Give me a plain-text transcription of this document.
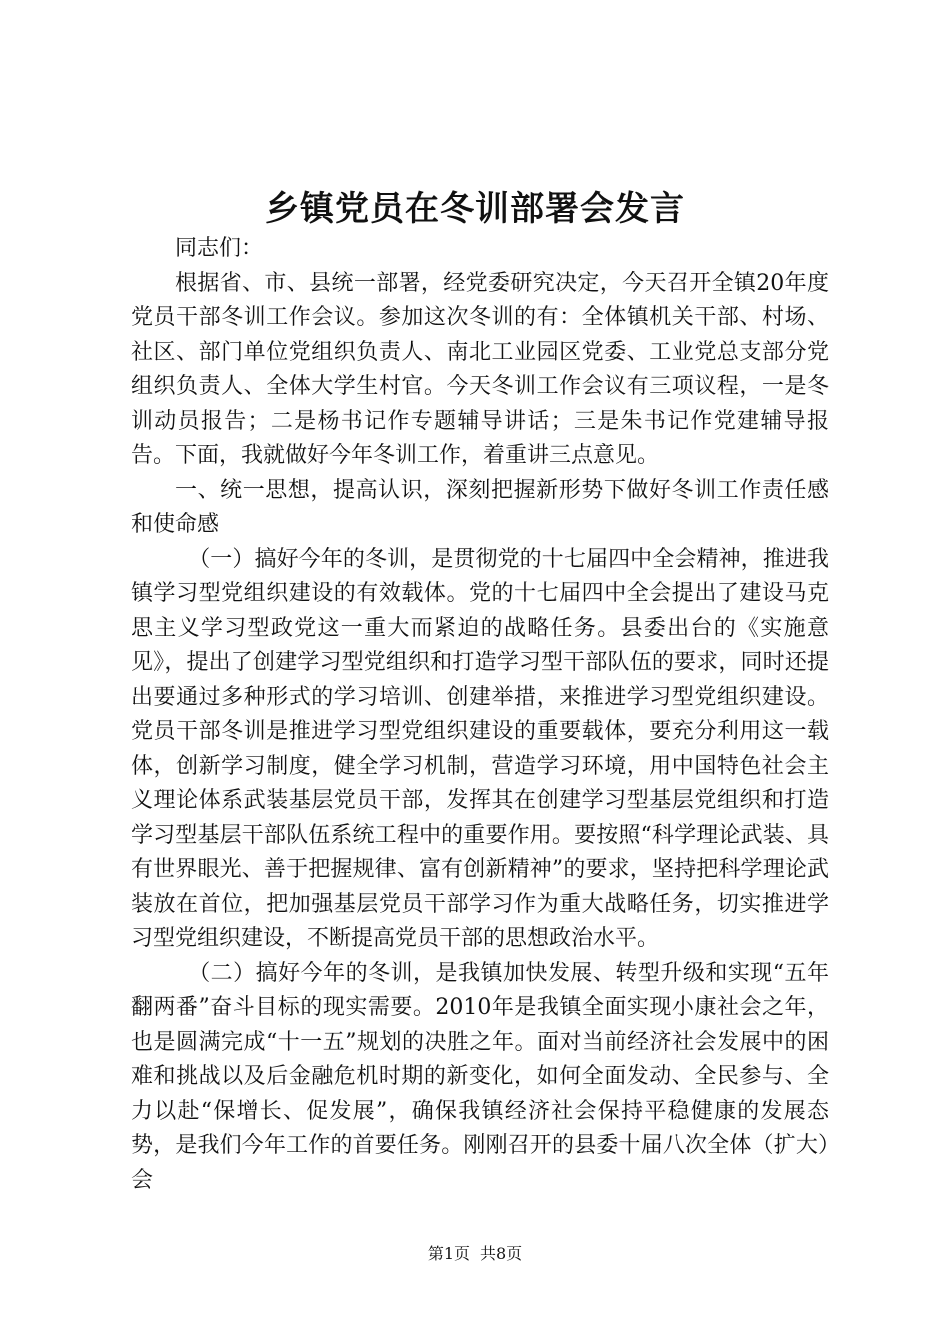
乡镇党员在冬训部署会发言

同志们：

根据省、市、县统一部署，经党委研究决定，今天召开全镇20年度党员干部冬训工作会议。参加这次冬训的有：全体镇机关干部、村场、社区、部门单位党组织负责人、南北工业园区党委、工业党总支部分党组织负责人、全体大学生村官。今天冬训工作会议有三项议程，一是冬训动员报告；二是杨书记作专题辅导讲话；三是朱书记作党建辅导报告。下面，我就做好今年冬训工作，着重讲三点意见。

一、统一思想，提高认识，深刻把握新形势下做好冬训工作责任感和使命感

（一）搞好今年的冬训，是贯彻党的十七届四中全会精神，推进我镇学习型党组织建设的有效载体。党的十七届四中全会提出了建设马克思主义学习型政党这一重大而紧迫的战略任务。县委出台的《实施意见》，提出了创建学习型党组织和打造学习型干部队伍的要求，同时还提出要通过多种形式的学习培训、创建举措，来推进学习型党组织建设。党员干部冬训是推进学习型党组织建设的重要载体，要充分利用这一载体，创新学习制度，健全学习机制，营造学习环境，用中国特色社会主义理论体系武装基层党员干部，发挥其在创建学习型基层党组织和打造学习型基层干部队伍系统工程中的重要作用。要按照“科学理论武装、具有世界眼光、善于把握规律、富有创新精神”的要求，坚持把科学理论武装放在首位，把加强基层党员干部学习作为重大战略任务，切实推进学习型党组织建设，不断提高党员干部的思想政治水平。

（二）搞好今年的冬训，是我镇加快发展、转型升级和实现“五年翻两番”奋斗目标的现实需要。2010年是我镇全面实现小康社会之年，也是圆满完成“十一五”规划的决胜之年。面对当前经济社会发展中的困难和挑战以及后金融危机时期的新变化，如何全面发动、全民参与、全力以赴“保增长、促发展”，确保我镇经济社会保持平稳健康的发展态势，是我们今年工作的首要任务。刚刚召开的县委十届八次全体（扩大）会

第1页 共8页
